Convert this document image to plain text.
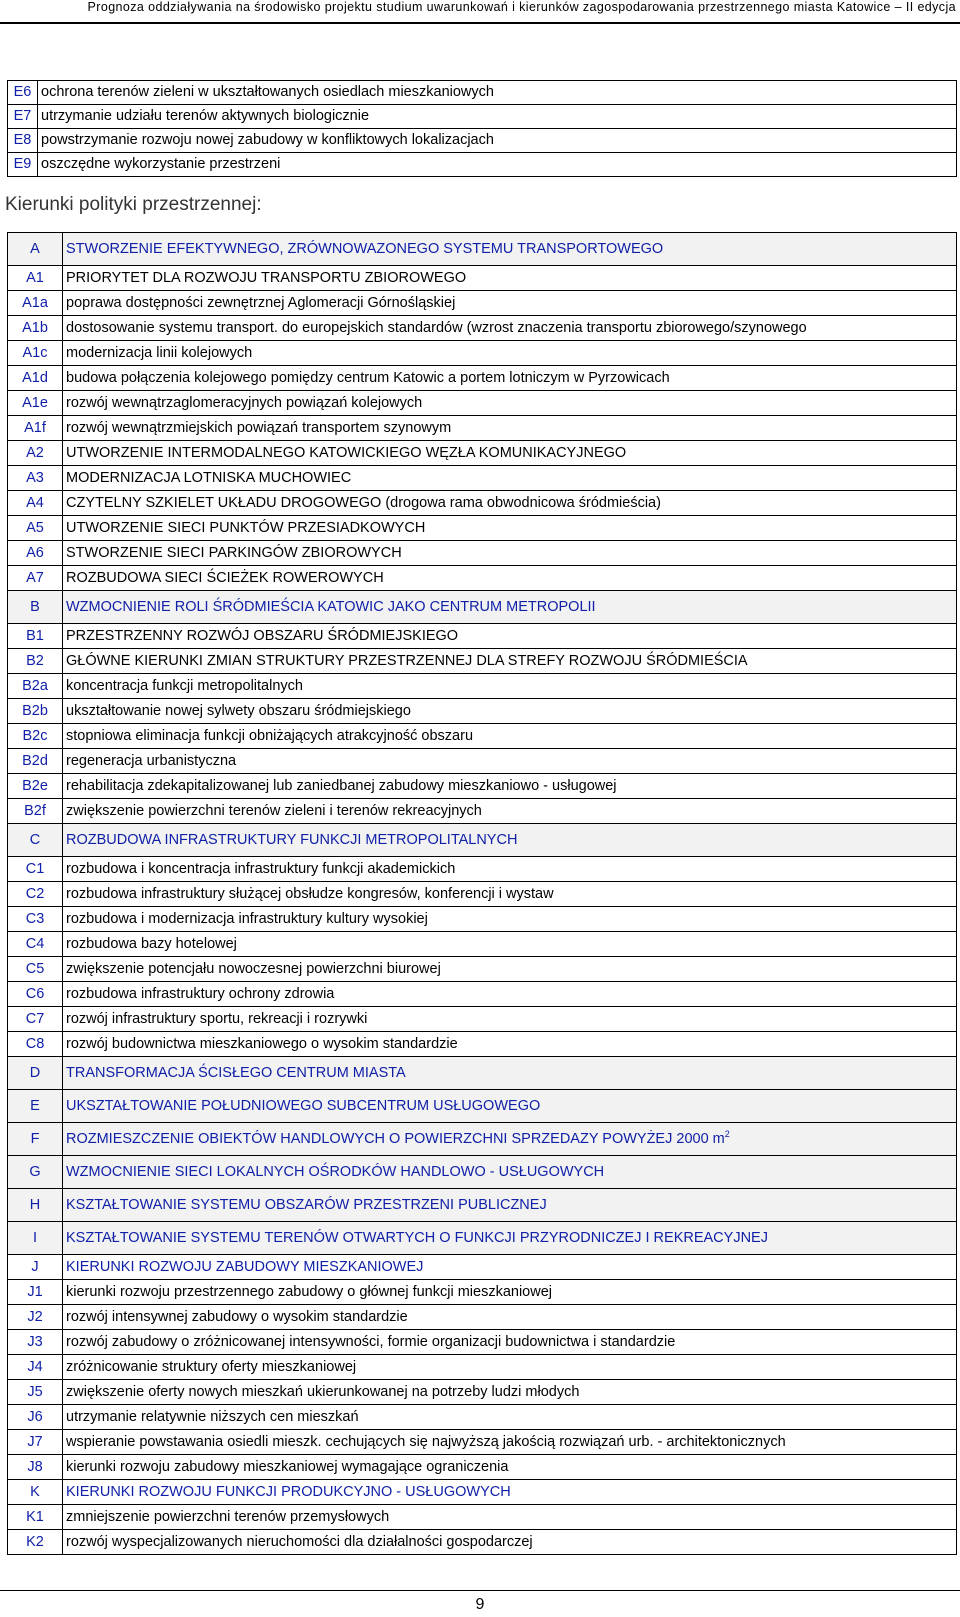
Prognoza oddziaływania na środowisko projektu studium uwarunkowań i kierunków zagospodarowania przestrzennego miasta Katowice – II edycja
E6	ochrona terenów zieleni w ukształtowanych osiedlach mieszkaniowych
E7	utrzymanie udziału terenów aktywnych biologicznie
E8	powstrzymanie rozwoju nowej zabudowy w konfliktowych lokalizacjach
E9	oszczędne wykorzystanie przestrzeni
Kierunki polityki przestrzennej:
A	STWORZENIE EFEKTYWNEGO, ZRÓWNOWAZONEGO SYSTEMU TRANSPORTOWEGO
A1	PRIORYTET DLA ROZWOJU TRANSPORTU ZBIOROWEGO
A1a	poprawa dostępności zewnętrznej Aglomeracji Górnośląskiej
A1b	dostosowanie systemu transport. do europejskich standardów (wzrost znaczenia transportu zbiorowego/szynowego
A1c	modernizacja linii kolejowych
A1d	budowa połączenia kolejowego pomiędzy centrum Katowic a portem lotniczym w Pyrzowicach
A1e	rozwój wewnątrzaglomeracyjnych powiązań kolejowych
A1f	rozwój wewnątrzmiejskich powiązań transportem szynowym
A2	UTWORZENIE INTERMODALNEGO KATOWICKIEGO WĘZŁA KOMUNIKACYJNEGO
A3	MODERNIZACJA LOTNISKA MUCHOWIEC
A4	CZYTELNY SZKIELET UKŁADU DROGOWEGO (drogowa rama obwodnicowa śródmieścia)
A5	UTWORZENIE SIECI PUNKTÓW PRZESIADKOWYCH
A6	STWORZENIE SIECI PARKINGÓW ZBIOROWYCH
A7	ROZBUDOWA SIECI ŚCIEŻEK ROWEROWYCH
B	WZMOCNIENIE ROLI ŚRÓDMIEŚCIA KATOWIC JAKO CENTRUM METROPOLII
B1	PRZESTRZENNY ROZWÓJ OBSZARU ŚRÓDMIEJSKIEGO
B2	GŁÓWNE KIERUNKI ZMIAN STRUKTURY PRZESTRZENNEJ DLA STREFY ROZWOJU ŚRÓDMIEŚCIA
B2a	koncentracja funkcji metropolitalnych
B2b	ukształtowanie nowej sylwety obszaru śródmiejskiego
B2c	stopniowa eliminacja funkcji obniżających atrakcyjność obszaru
B2d	regeneracja urbanistyczna
B2e	rehabilitacja zdekapitalizowanej lub zaniedbanej zabudowy mieszkaniowo - usługowej
B2f	zwiększenie powierzchni terenów zieleni i terenów rekreacyjnych
C	ROZBUDOWA INFRASTRUKTURY FUNKCJI METROPOLITALNYCH
C1	rozbudowa i koncentracja infrastruktury funkcji akademickich
C2	rozbudowa infrastruktury służącej obsłudze kongresów, konferencji i wystaw
C3	rozbudowa i modernizacja infrastruktury kultury wysokiej
C4	rozbudowa bazy hotelowej
C5	zwiększenie potencjału nowoczesnej powierzchni biurowej
C6	rozbudowa infrastruktury ochrony zdrowia
C7	rozwój infrastruktury sportu, rekreacji i rozrywki
C8	rozwój budownictwa mieszkaniowego o wysokim standardzie
D	TRANSFORMACJA ŚCISŁEGO CENTRUM MIASTA
E	UKSZTAŁTOWANIE POŁUDNIOWEGO SUBCENTRUM USŁUGOWEGO
F	ROZMIESZCZENIE OBIEKTÓW HANDLOWYCH O POWIERZCHNI SPRZEDAZY POWYŻEJ 2000 $m^2$
G	WZMOCNIENIE SIECI LOKALNYCH OŚRODKÓW HANDLOWO - USŁUGOWYCH
H	KSZTAŁTOWANIE SYSTEMU OBSZARÓW PRZESTRZENI PUBLICZNEJ
I	KSZTAŁTOWANIE SYSTEMU TERENÓW OTWARTYCH O FUNKCJI PRZYRODNICZEJ I REKREACYJNEJ
J	KIERUNKI ROZWOJU ZABUDOWY MIESZKANIOWEJ
J1	kierunki rozwoju przestrzennego zabudowy o głównej funkcji mieszkaniowej
J2	rozwój intensywnej zabudowy o wysokim standardzie
J3	rozwój zabudowy o zróżnicowanej intensywności, formie organizacji budownictwa i standardzie
J4	zróżnicowanie struktury oferty mieszkaniowej
J5	zwiększenie oferty nowych mieszkań ukierunkowanej na potrzeby ludzi młodych
J6	utrzymanie relatywnie niższych cen mieszkań
J7	wspieranie powstawania osiedli mieszk. cechujących się najwyższą jakością rozwiązań urb. - architektonicznych
J8	kierunki rozwoju zabudowy mieszkaniowej wymagające ograniczenia
K	KIERUNKI ROZWOJU FUNKCJI PRODUKCYJNO - USŁUGOWYCH
K1	zmniejszenie powierzchni terenów przemysłowych
K2	rozwój wyspecjalizowanych nieruchomości dla działalności gospodarczej
9
